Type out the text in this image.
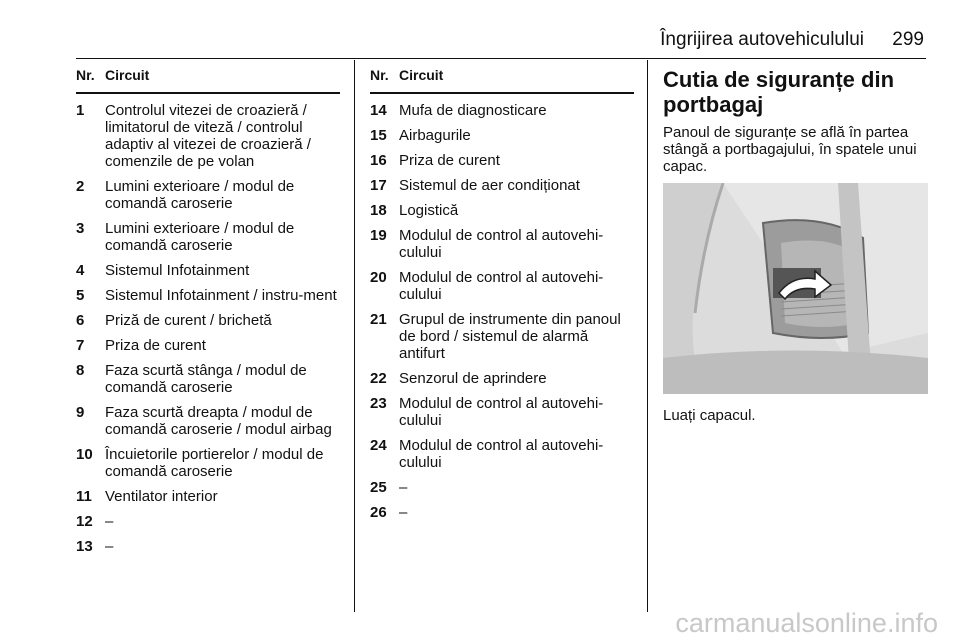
Îngrijirea autovehiculului 299
Nr. Circuit
1 Controlul vitezei de croazieră / limitatorul de viteză / controlul adaptiv al vitezei de croazieră / comenzile de pe volan
2 Lumini exterioare / modul de comandă caroserie
3 Lumini exterioare / modul de comandă caroserie
4 Sistemul Infotainment
5 Sistemul Infotainment / instru-ment
6 Priză de curent / brichetă
7 Priza de curent
8 Faza scurtă stânga / modul de comandă caroserie
9 Faza scurtă dreapta / modul de comandă caroserie / modul airbag
10 Încuietorile portierelor / modul de comandă caroserie
11 Ventilator interior
12 –
13 –
Nr. Circuit
14 Mufa de diagnosticare
15 Airbagurile
16 Priza de curent
17 Sistemul de aer condiționat
18 Logistică
19 Modulul de control al autovehi-culului
20 Modulul de control al autovehi-culului
21 Grupul de instrumente din panoul de bord / sistemul de alarmă antifurt
22 Senzorul de aprindere
23 Modulul de control al autovehi-culului
24 Modulul de control al autovehi-culului
25 –
26 –
Cutia de siguranțe din portbagaj

Panoul de siguranțe se află în partea stângă a portbagajului, în spatele unui capac.

Luați capacul.
carmanualsonline.info
